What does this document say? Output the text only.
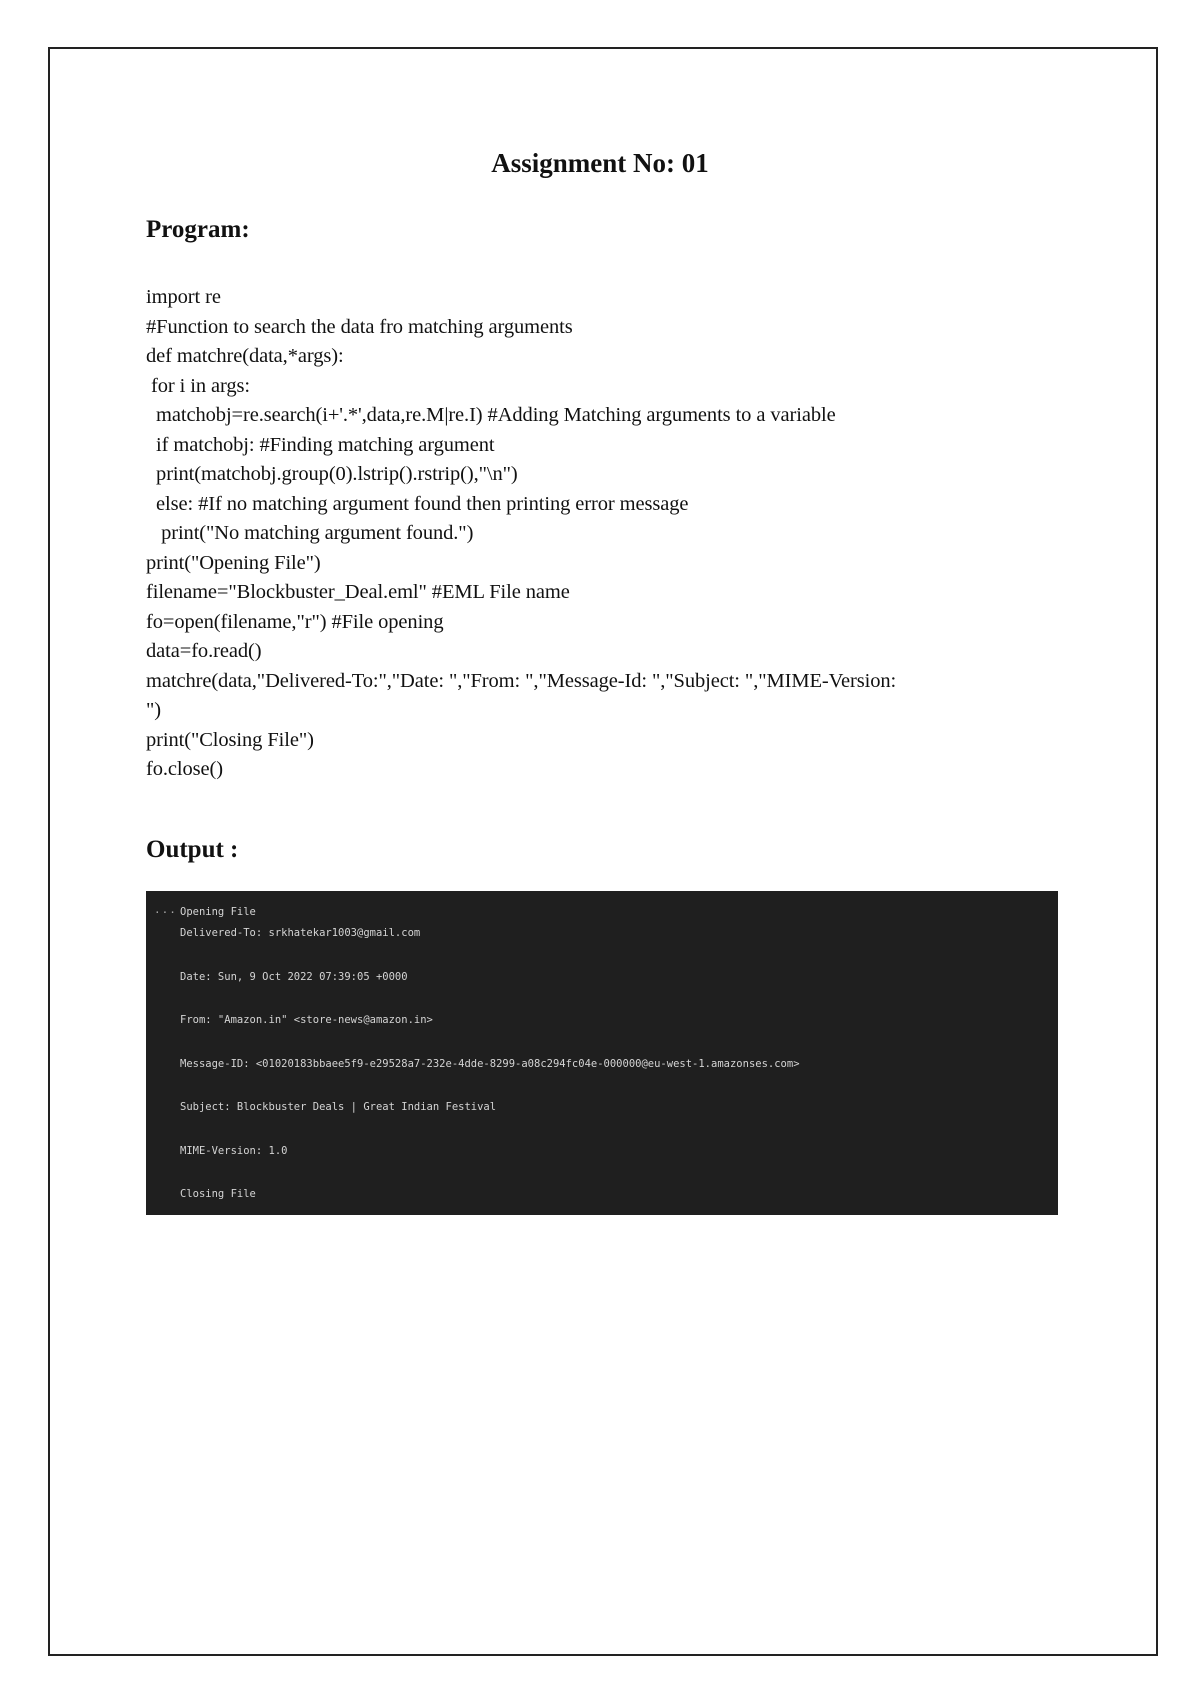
Assignment No: 01
Program:
import re
#Function to search the data fro matching arguments
def matchre(data,*args):
for i in args:
matchobj=re.search(i+'.*',data,re.M|re.I) #Adding Matching arguments to a variable
if matchobj: #Finding matching argument
print(matchobj.group(0).lstrip().rstrip(),"\n")
else: #If no matching argument found then printing error message
print("No matching argument found.")
print("Opening File")
filename="Blockbuster_Deal.eml" #EML File name
fo=open(filename,"r") #File opening
data=fo.read()
matchre(data,"Delivered-To:","Date: ","From: ","Message-Id: ","Subject: ","MIME-Version:
")
print("Closing File")
fo.close()
Output :
··· Opening File
Delivered-To: srkhatekar1003@gmail.com
Date: Sun, 9 Oct 2022 07:39:05 +0000
From: "Amazon.in" <store-news@amazon.in>
Message-ID: <01020183bbaee5f9-e29528a7-232e-4dde-8299-a08c294fc04e-000000@eu-west-1.amazonses.com>
Subject: Blockbuster Deals | Great Indian Festival
MIME-Version: 1.0
Closing File
